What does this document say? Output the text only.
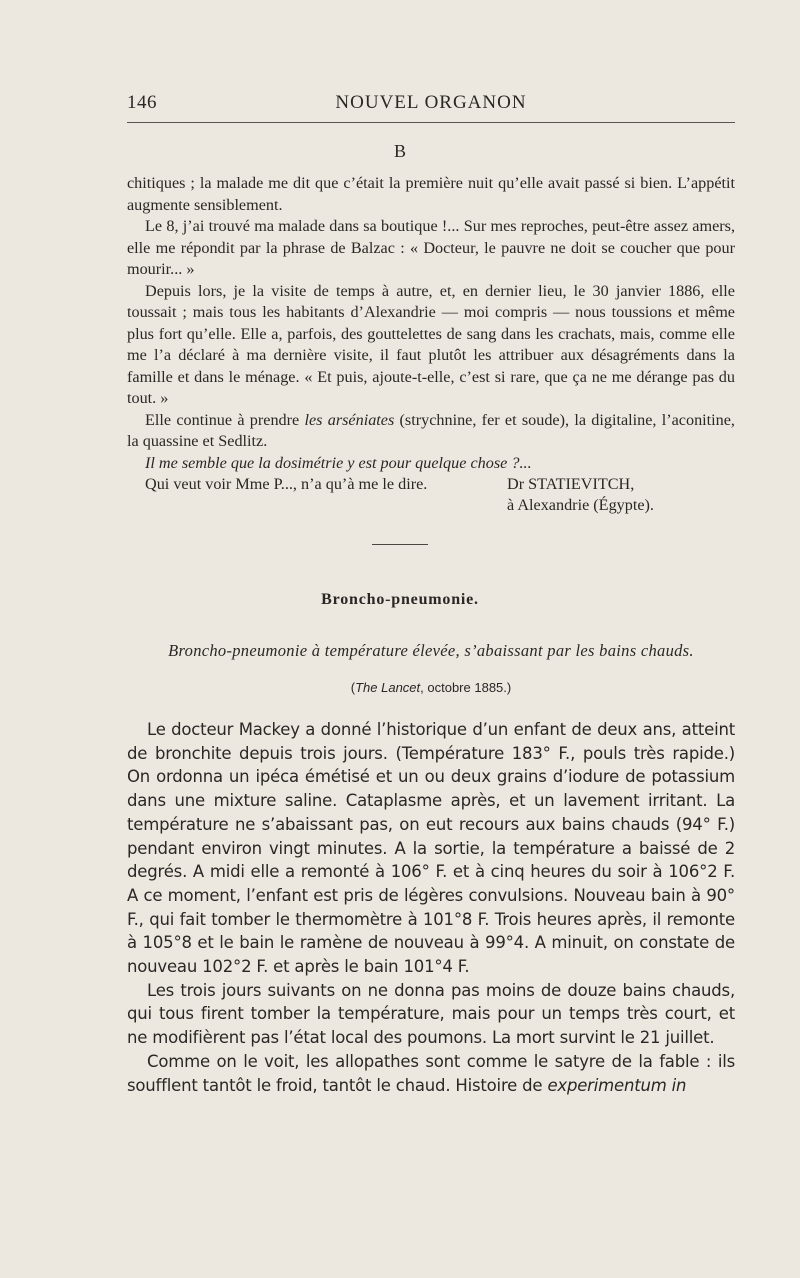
146	NOUVEL ORGANON
B

chitiques ; la malade me dit que c’était la première nuit qu’elle avait passé si bien. L’appétit augmente sensiblement.

Le 8, j’ai trouvé ma malade dans sa boutique !... Sur mes reproches, peut-être assez amers, elle me répondit par la phrase de Balzac : « Docteur, le pauvre ne doit se coucher que pour mourir... »

Depuis lors, je la visite de temps à autre, et, en dernier lieu, le 30 janvier 1886, elle toussait ; mais tous les habitants d’Alexandrie — moi compris — nous toussions et même plus fort qu’elle. Elle a, parfois, des gouttelettes de sang dans les crachats, mais, comme elle me l’a déclaré à ma dernière visite, il faut plutôt les attribuer aux désagréments dans la famille et dans le ménage. « Et puis, ajoute-t-elle, c’est si rare, que ça ne me dérange pas du tout. »

Elle continue à prendre les arséniates (strychnine, fer et soude), la digitaline, l’aconitine, la quassine et Sedlitz.

Il me semble que la dosimétrie y est pour quelque chose ?...

Qui veut voir Mme P..., n’a qu’à me le dire.	Dr STATIEVITCH,
à Alexandrie (Égypte).
Broncho-pneumonie.
Broncho-pneumonie à température élevée, s’abaissant par les bains chauds.
(The Lancet, octobre 1885.)

Le docteur Mackey a donné l’historique d’un enfant de deux ans, atteint de bronchite depuis trois jours. (Température 183° F., pouls très rapide.) On ordonna un ipéca émétisé et un ou deux grains d’iodure de potassium dans une mixture saline. Cataplasme après, et un lavement irritant. La température ne s’abaissant pas, on eut recours aux bains chauds (94° F.) pendant environ vingt minutes. A la sortie, la température a baissé de 2 degrés. A midi elle a remonté à 106° F. et à cinq heures du soir à 106°2 F. A ce moment, l’enfant est pris de légères convulsions. Nouveau bain à 90° F., qui fait tomber le thermomètre à 101°8 F. Trois heures après, il remonte à 105°8 et le bain le ramène de nouveau à 99°4. A minuit, on constate de nouveau 102°2 F. et après le bain 101°4 F.

Les trois jours suivants on ne donna pas moins de douze bains chauds, qui tous firent tomber la température, mais pour un temps très court, et ne modifièrent pas l’état local des poumons. La mort survint le 21 juillet.

Comme on le voit, les allopathes sont comme le satyre de la fable : ils soufflent tantôt le froid, tantôt le chaud. Histoire de experimentum in
